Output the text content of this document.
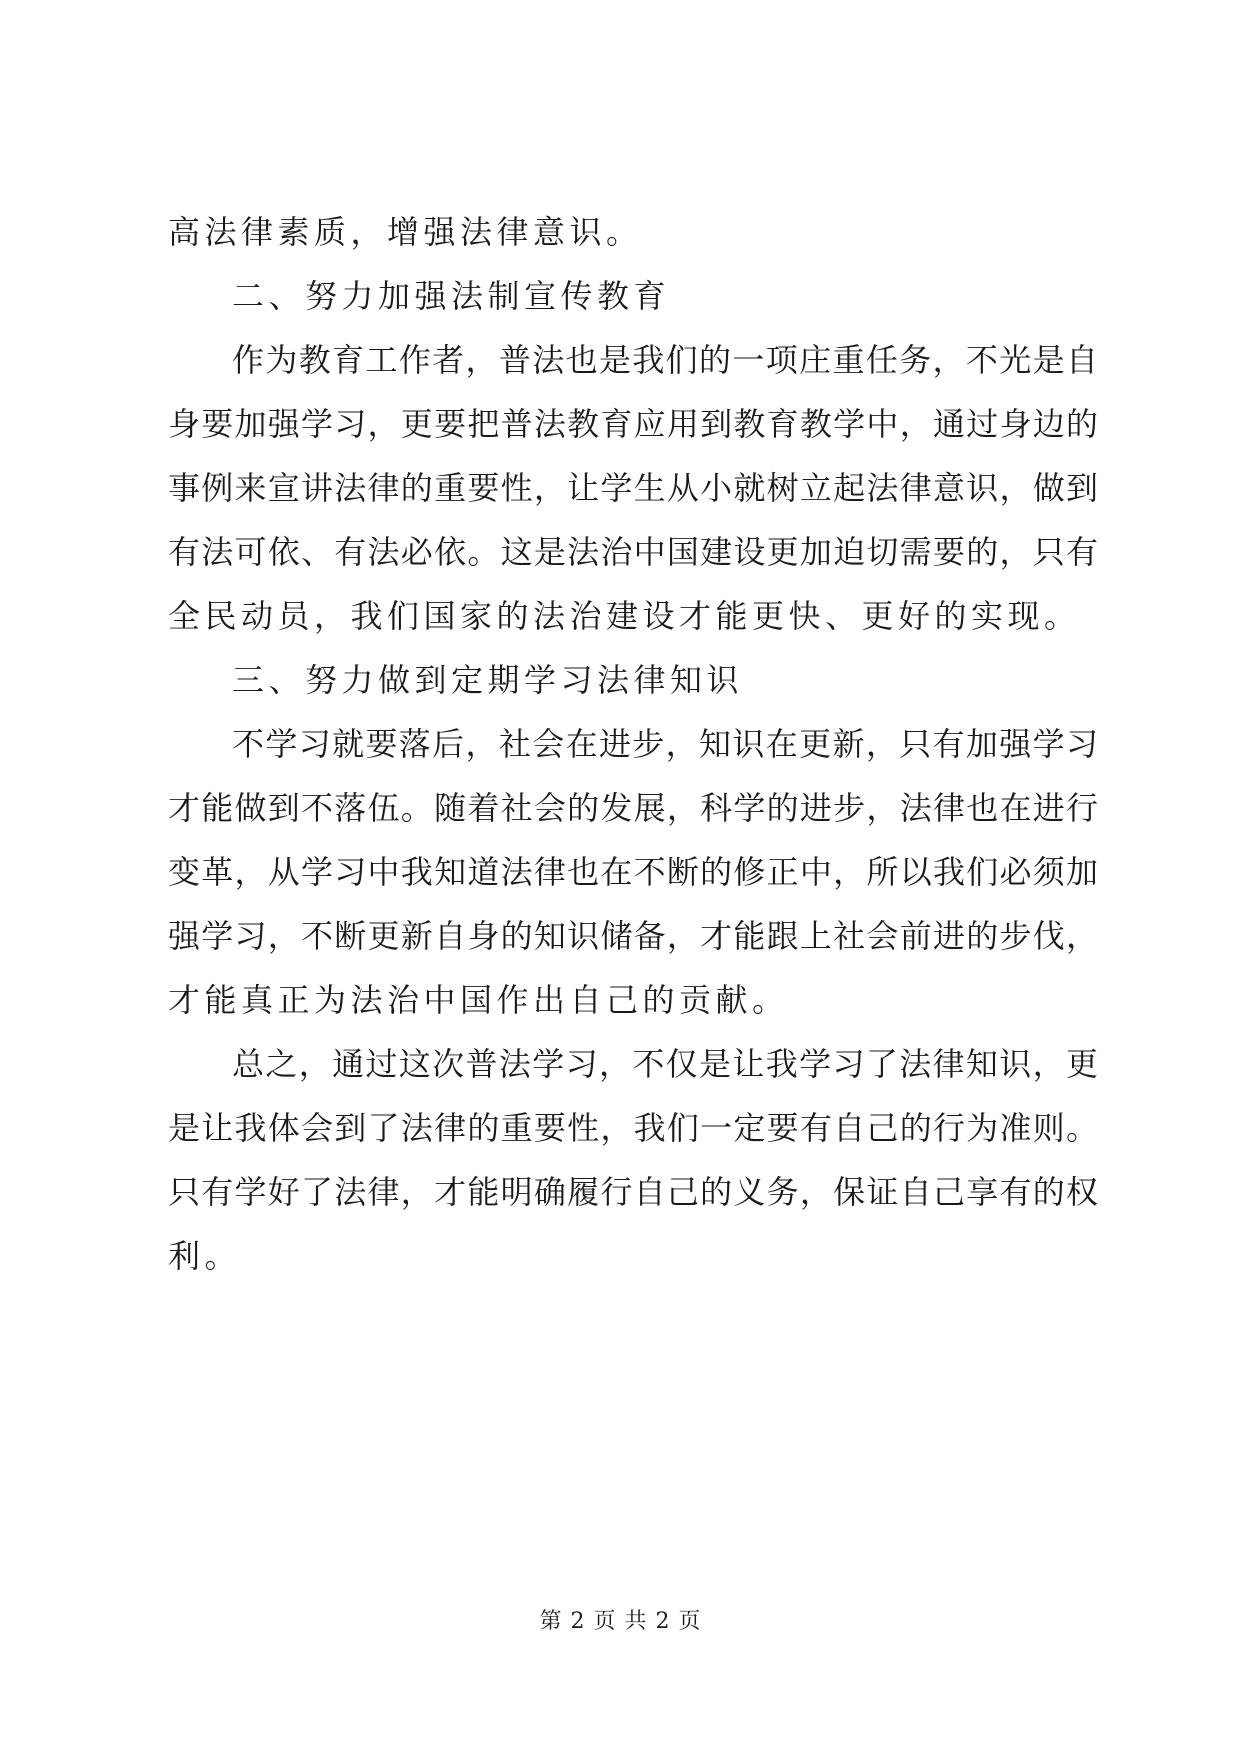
高法律素质，增强法律意识。
二、努力加强法制宣传教育
作为教育工作者，普法也是我们的一项庄重任务，不光是自
身要加强学习，更要把普法教育应用到教育教学中，通过身边的
事例来宣讲法律的重要性，让学生从小就树立起法律意识，做到
有法可依、有法必依。这是法治中国建设更加迫切需要的，只有
全民动员，我们国家的法治建设才能更快、更好的实现。
三、努力做到定期学习法律知识
不学习就要落后，社会在进步，知识在更新，只有加强学习
才能做到不落伍。随着社会的发展，科学的进步，法律也在进行
变革，从学习中我知道法律也在不断的修正中，所以我们必须加
强学习，不断更新自身的知识储备，才能跟上社会前进的步伐，
才能真正为法治中国作出自己的贡献。
总之，通过这次普法学习，不仅是让我学习了法律知识，更
是让我体会到了法律的重要性，我们一定要有自己的行为准则。
只有学好了法律，才能明确履行自己的义务，保证自己享有的权
利。
第 2 页 共 2 页
